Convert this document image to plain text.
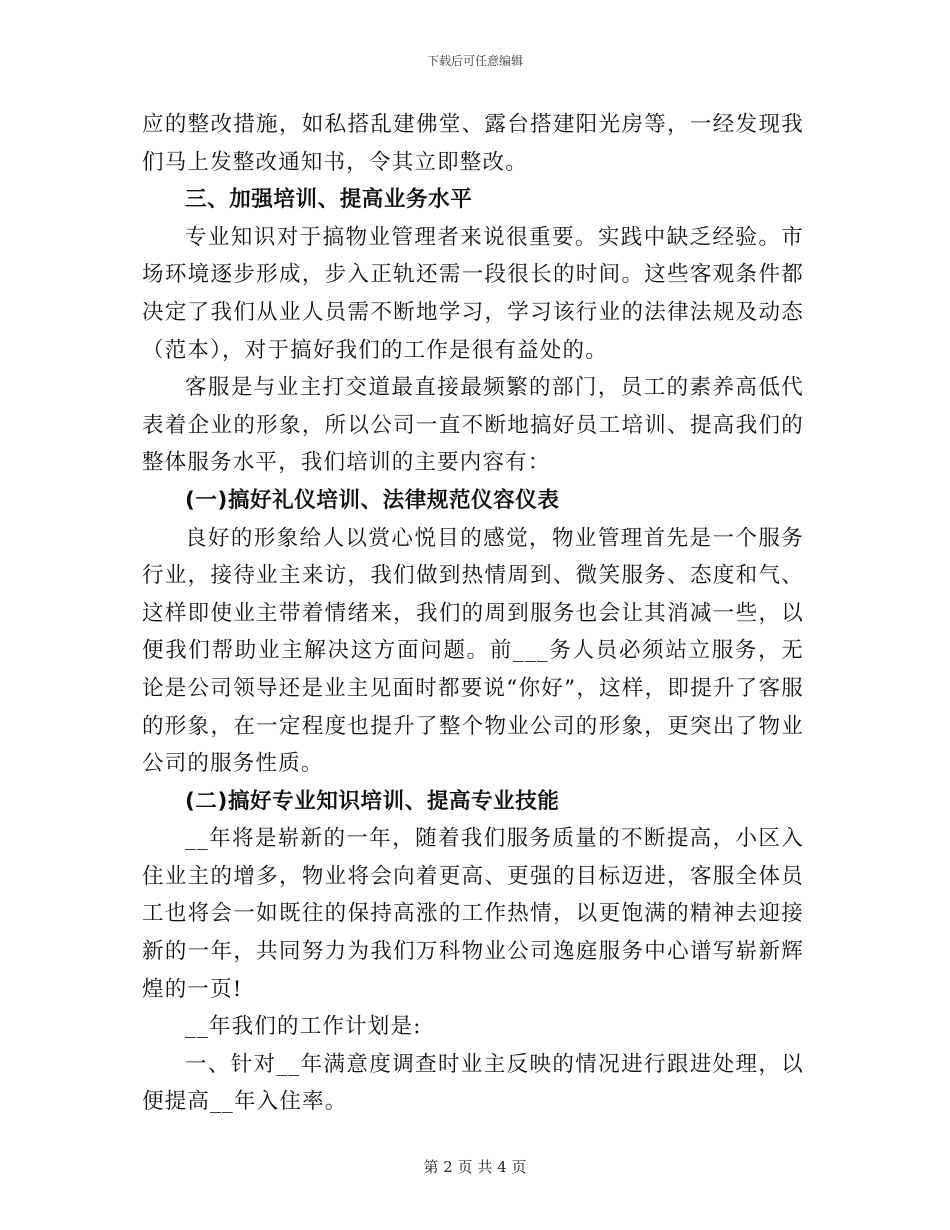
下载后可任意编辑

应的整改措施，如私搭乱建佛堂、露台搭建阳光房等，一经发现我们马上发整改通知书，令其立即整改。

三、加强培训、提高业务水平

专业知识对于搞物业管理者来说很重要。实践中缺乏经验。市场环境逐步形成，步入正轨还需一段很长的时间。这些客观条件都决定了我们从业人员需不断地学习，学习该行业的法律法规及动态（范本），对于搞好我们的工作是很有益处的。

客服是与业主打交道最直接最频繁的部门，员工的素养高低代表着企业的形象，所以公司一直不断地搞好员工培训、提高我们的整体服务水平，我们培训的主要内容有：

(一)搞好礼仪培训、法律规范仪容仪表

良好的形象给人以赏心悦目的感觉，物业管理首先是一个服务行业，接待业主来访，我们做到热情周到、微笑服务、态度和气、这样即使业主带着情绪来，我们的周到服务也会让其消减一些，以便我们帮助业主解决这方面问题。前___务人员必须站立服务，无论是公司领导还是业主见面时都要说“你好”，这样，即提升了客服的形象，在一定程度也提升了整个物业公司的形象，更突出了物业公司的服务性质。

(二)搞好专业知识培训、提高专业技能

__年将是崭新的一年，随着我们服务质量的不断提高，小区入住业主的增多，物业将会向着更高、更强的目标迈进，客服全体员工也将会一如既往的保持高涨的工作热情，以更饱满的精神去迎接新的一年，共同努力为我们万科物业公司逸庭服务中心谱写崭新辉煌的一页!

__年我们的工作计划是:

一、针对__年满意度调查时业主反映的情况进行跟进处理，以便提高__年入住率。

第 2 页 共 4 页
